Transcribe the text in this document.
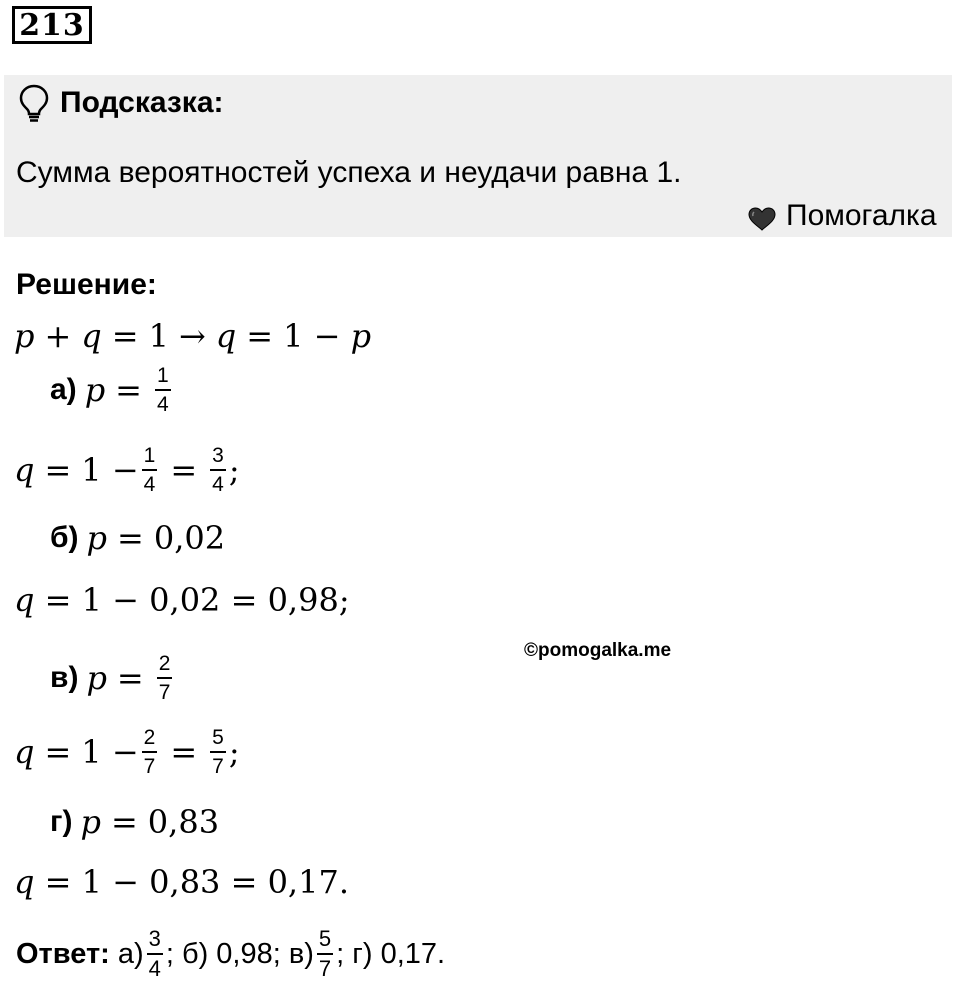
213
Подсказка:
Сумма вероятностей успеха и неудачи равна 1.
Помогалка
Решение:
p + q = 1 → q = 1 −
p
а) $p = \frac{1}{4}$
$q = 1 - \frac{1}{4} = \frac{3}{4}$ ;
б) p = 0,02
q
= 1 − 0,02 = 0,98;
©pomogalka.me
в) $p = \frac{2}{7}$
$q = 1 - \frac{2}{7} = \frac{5}{7}$ ;
г) p = 0,83
q
= 1 − 0,83 = 0,17.
Ответ: $а) \frac{3}{4}$ ; б) 0,98; $в) \frac{5}{7}$ ; г) 0,17.
